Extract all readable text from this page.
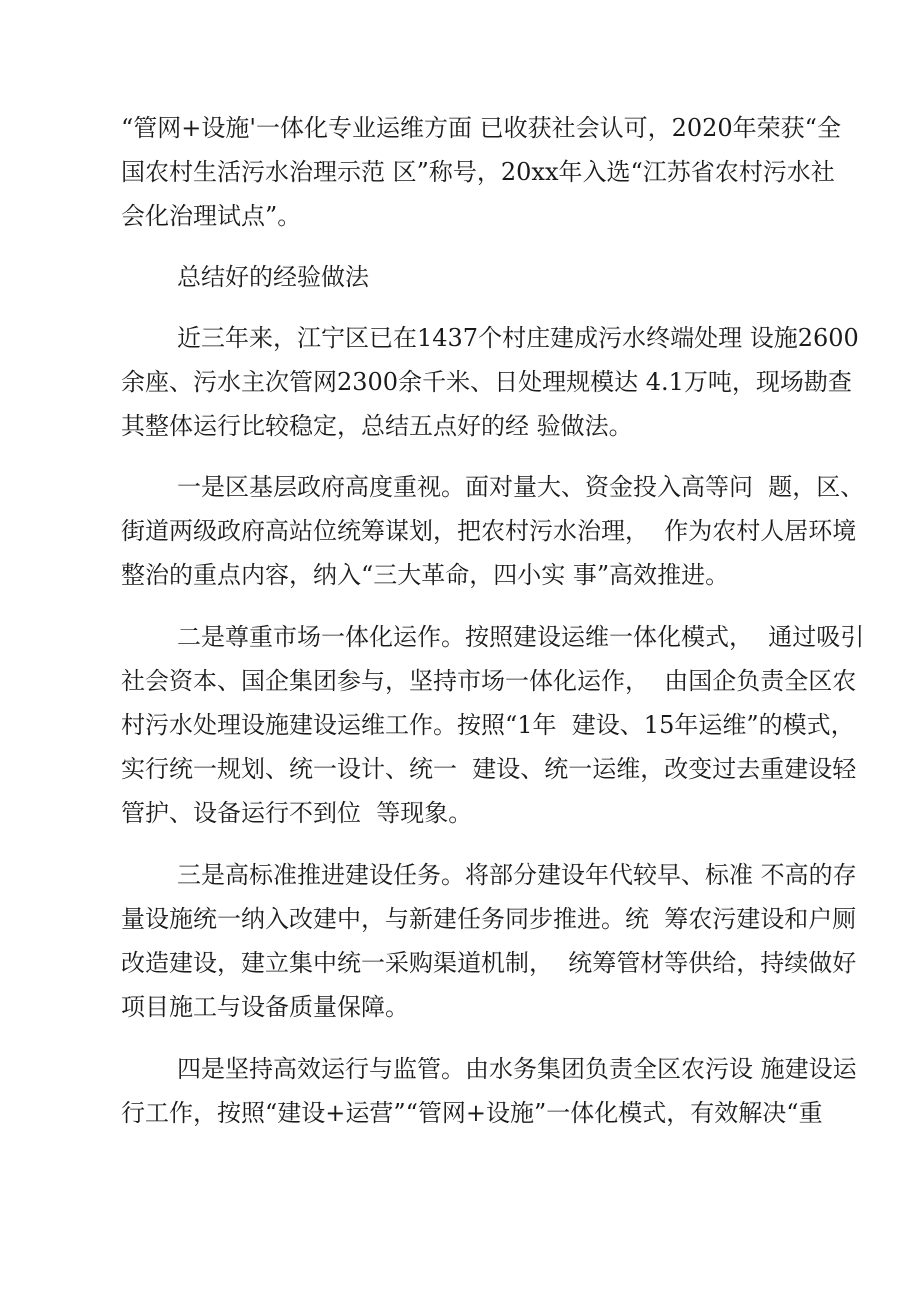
“管网+设施'一体化专业运维方面 已收获社会认可，2020年荣获“全
国农村生活污水治理示范 区”称号，20xx年入选“江苏省农村污水社
会化治理试点”。
总结好的经验做法
近三年来，江宁区已在1437个村庄建成污水终端处理 设施2600
余座、污水主次管网2300余千米、日处理规模达 4.1万吨，现场勘查
其整体运行比较稳定，总结五点好的经 验做法。
一是区基层政府高度重视。面对量大、资金投入高等问  题，区、
街道两级政府高站位统筹谋划，把农村污水治理，  作为农村人居环境
整治的重点内容，纳入“三大革命，四小实 事”高效推进。
二是尊重市场一体化运作。按照建设运维一体化模式，  通过吸引
社会资本、国企集团参与，坚持市场一体化运作，  由国企负责全区农
村污水处理设施建设运维工作。按照“1年  建设、15年运维”的模式，
实行统一规划、统一设计、统一  建设、统一运维，改变过去重建设轻
管护、设备运行不到位  等现象。
三是高标准推进建设任务。将部分建设年代较早、标准 不高的存
量设施统一纳入改建中，与新建任务同步推进。统  筹农污建设和户厕
改造建设，建立集中统一采购渠道机制，  统筹管材等供给，持续做好
项目施工与设备质量保障。
四是坚持高效运行与监管。由水务集团负责全区农污设 施建设运
行工作，按照“建设+运营”“管网+设施”一体化模式，有效解决“重
